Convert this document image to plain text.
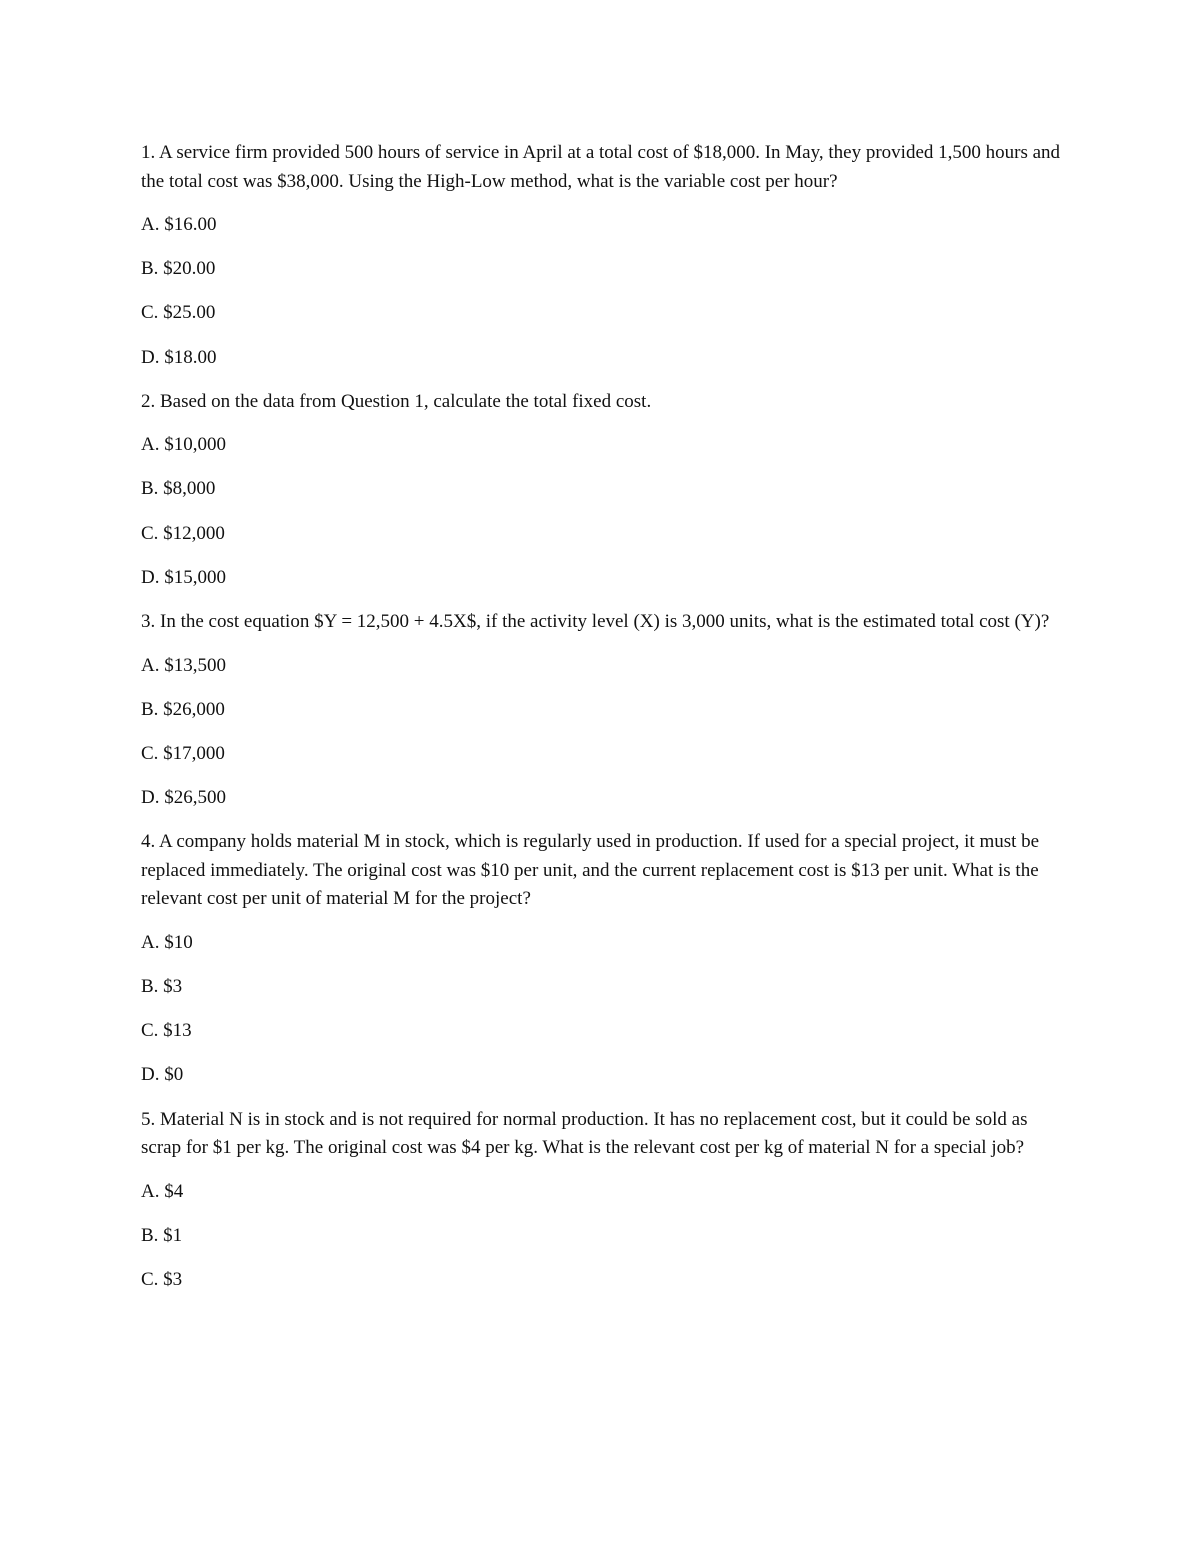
1. A service firm provided 500 hours of service in April at a total cost of $18,000. In May, they provided 1,500 hours and the total cost was $38,000. Using the High-Low method, what is the variable cost per hour?

A. $16.00

B. $20.00

C. $25.00

D. $18.00

2. Based on the data from Question 1, calculate the total fixed cost.

A. $10,000

B. $8,000

C. $12,000

D. $15,000

3. In the cost equation $Y = 12,500 + 4.5X$, if the activity level (X) is 3,000 units, what is the estimated total cost (Y)?

A. $13,500

B. $26,000

C. $17,000

D. $26,500

4. A company holds material M in stock, which is regularly used in production. If used for a special project, it must be replaced immediately. The original cost was $10 per unit, and the current replacement cost is $13 per unit. What is the relevant cost per unit of material M for the project?

A. $10

B. $3

C. $13

D. $0

5. Material N is in stock and is not required for normal production. It has no replacement cost, but it could be sold as scrap for $1 per kg. The original cost was $4 per kg. What is the relevant cost per kg of material N for a special job?

A. $4

B. $1

C. $3
